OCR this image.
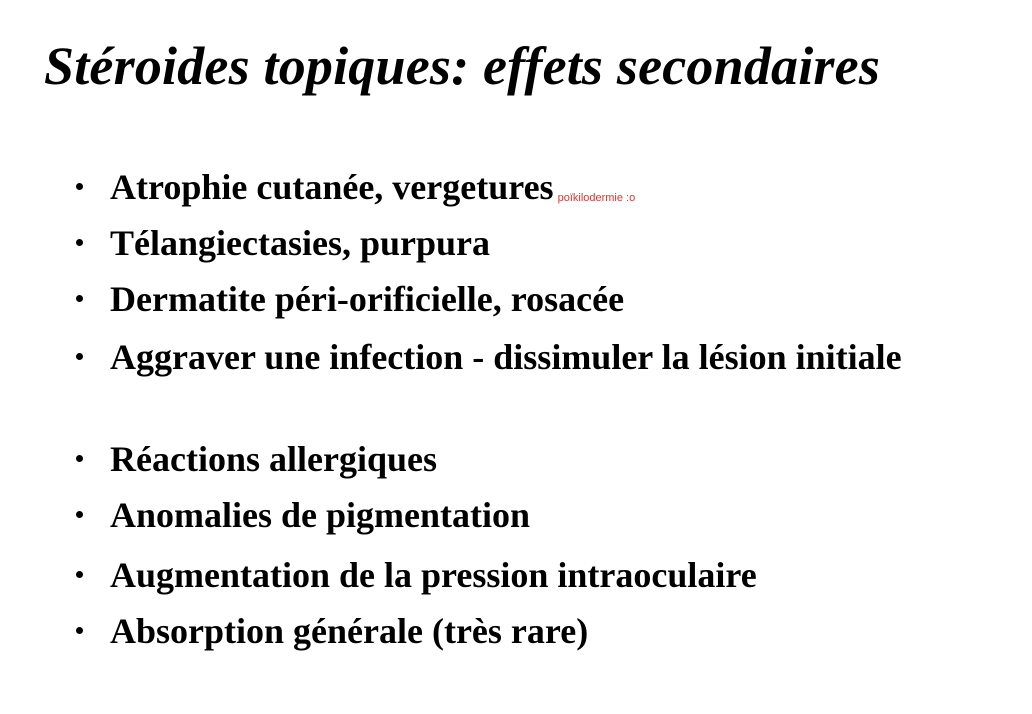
Stéroides topiques: effets secondaires
Atrophie cutanée, vergetures poïkilodermie :o
Télangiectasies, purpura
Dermatite péri-orificielle, rosacée
Aggraver une infection - dissimuler la lésion initiale
Réactions allergiques
Anomalies de pigmentation
Augmentation de la pression intraoculaire
Absorption générale (très rare)
